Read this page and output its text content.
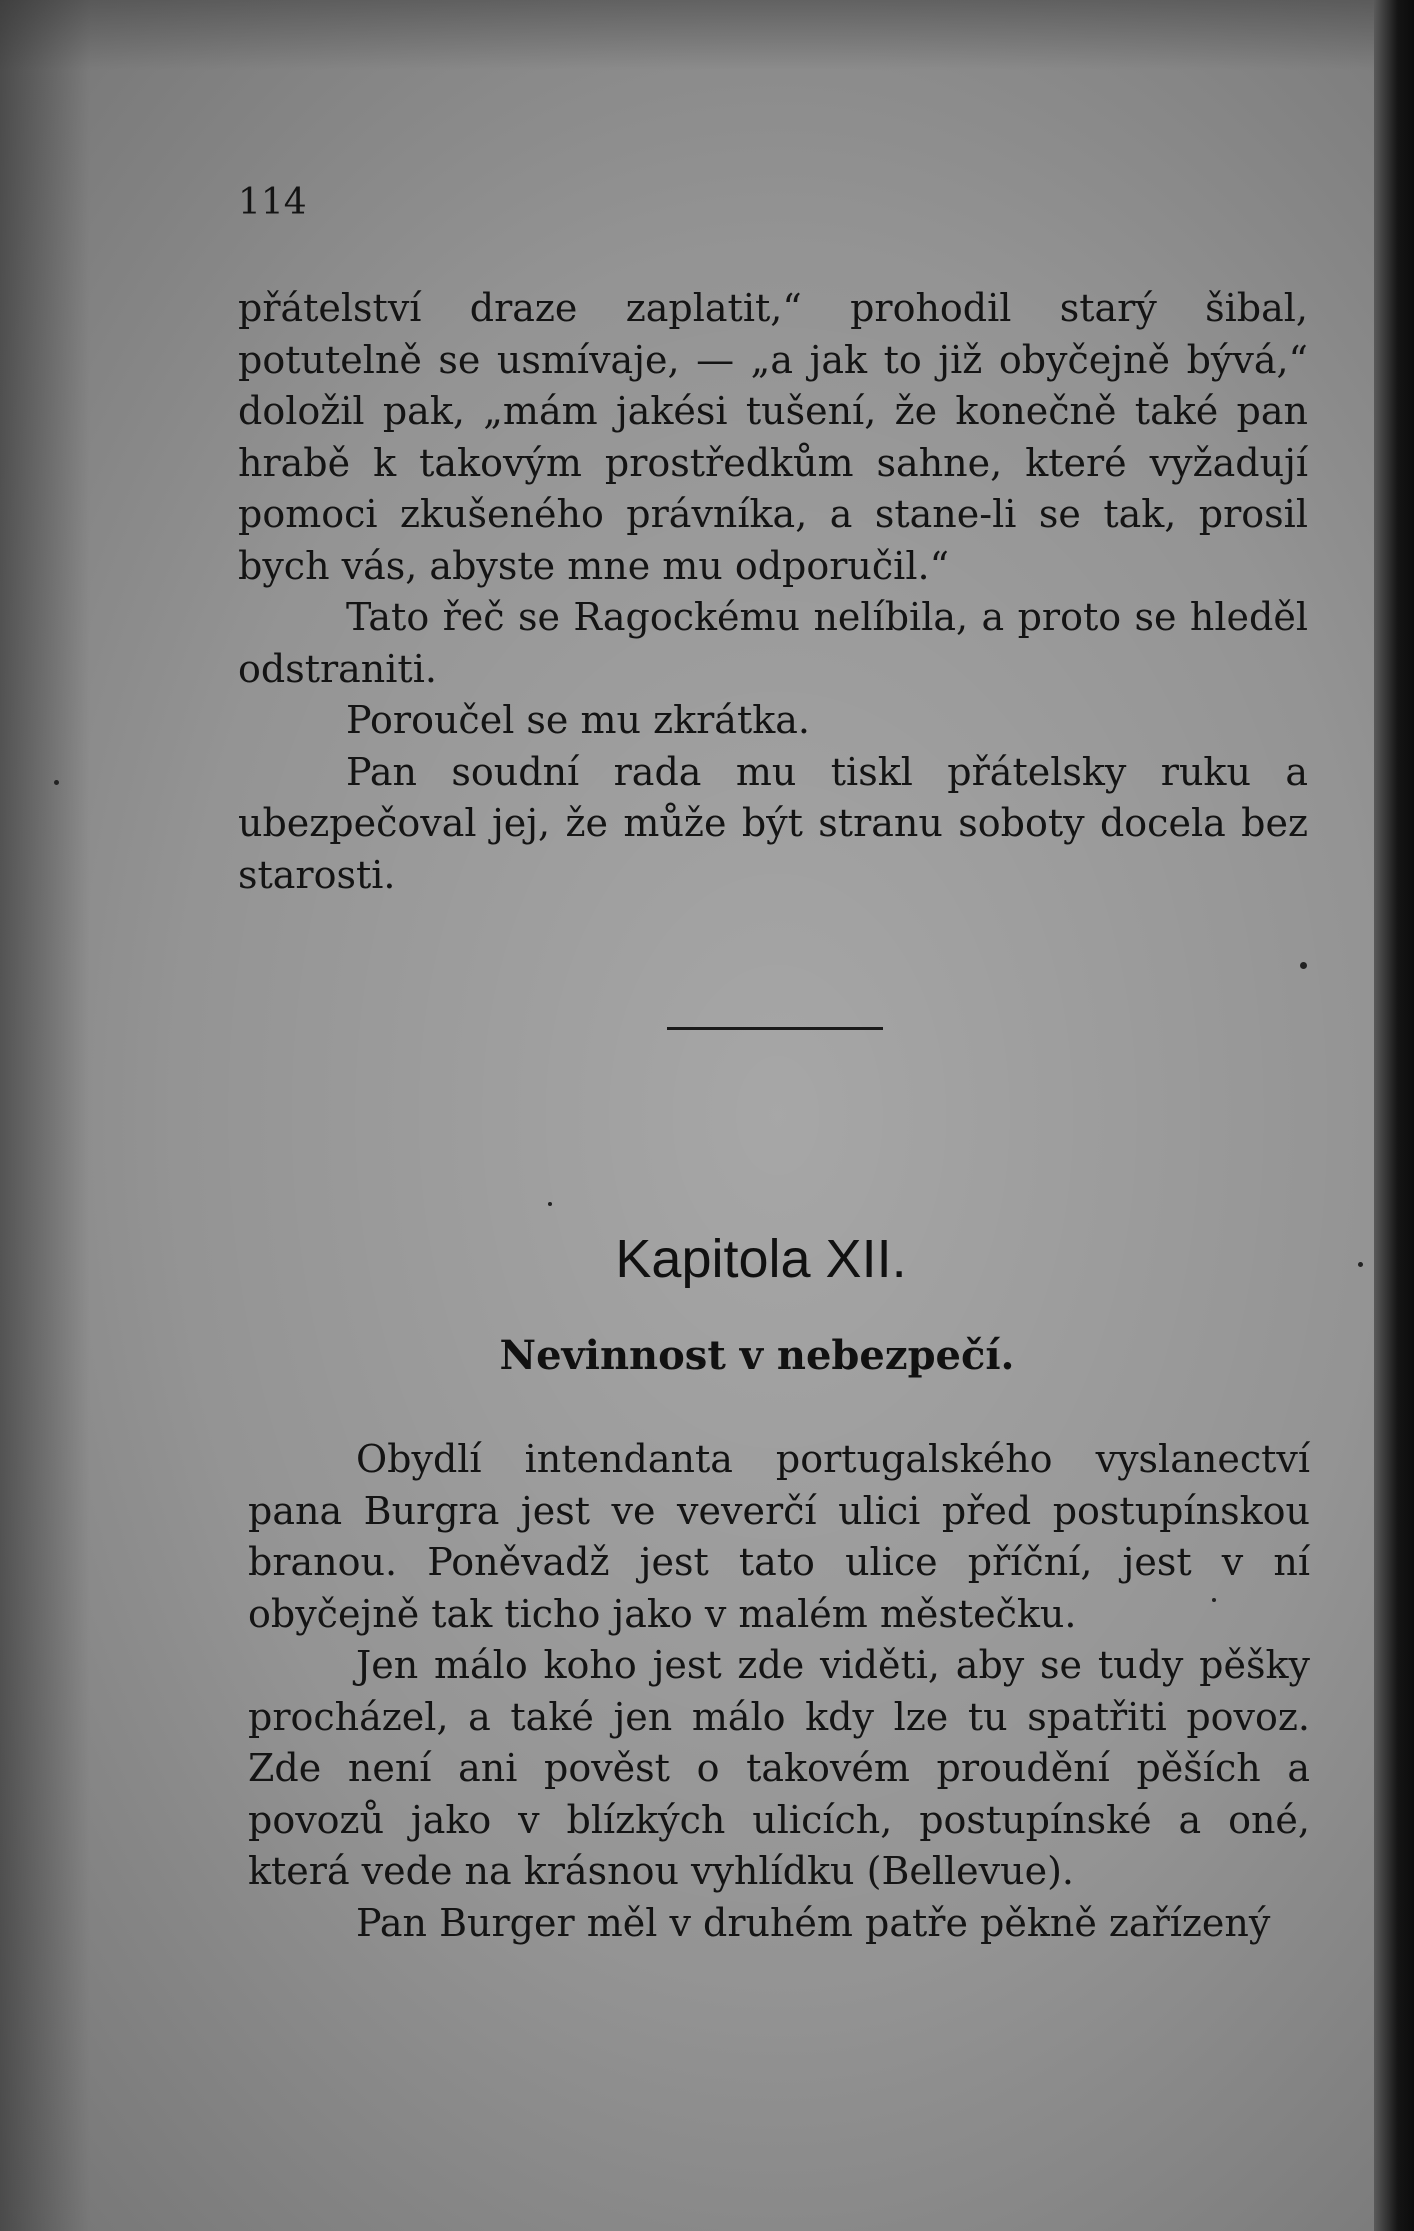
114

přátelství draze zaplatit,“ prohodil starý šibal, potutelně se usmívaje, — „a jak to již obyčejně bývá,“ doložil pak, „mám jakési tušení, že konečně také pan hrabě k takovým prostředkům sahne, které vyžadují pomoci zkušeného právníka, a stane-li se tak, prosil bych vás, abyste mne mu odporučil.“

Tato řeč se Ragockému nelíbila, a proto se hleděl odstraniti.

Poroučel se mu zkrátka.

Pan soudní rada mu tiskl přátelsky ruku a ubezpečoval jej, že může být stranu soboty docela bez starosti.

Kapitola XII.
Nevinnost v nebezpečí.

Obydlí intendanta portugalského vyslanectví pana Burgra jest ve veverčí ulici před postupínskou branou. Poněvadž jest tato ulice příční, jest v ní obyčejně tak ticho jako v malém městečku.

Jen málo koho jest zde viděti, aby se tudy pěšky procházel, a také jen málo kdy lze tu spatřiti povoz. Zde není ani pověst o takovém proudění pěších a povozů jako v blízkých ulicích, postupínské a oné, která vede na krásnou vyhlídku (Bellevue).

Pan Burger měl v druhém patře pěkně zařízený
